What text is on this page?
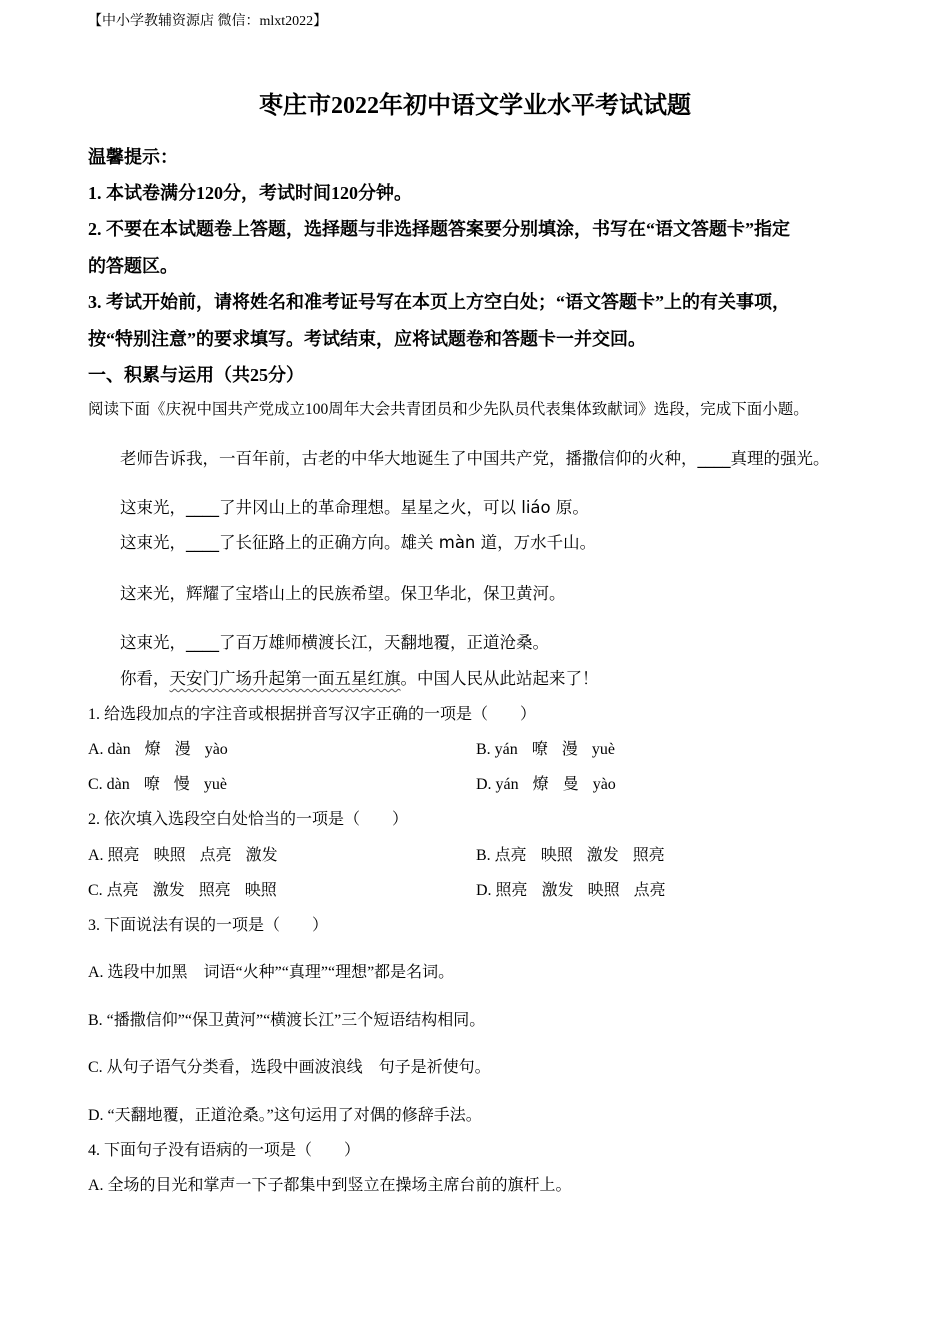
【中小学教辅资源店 微信：mlxt2022】
枣庄市2022年初中语文学业水平考试试题
温馨提示：
1. 本试卷满分120分，考试时间120分钟。
2. 不要在本试题卷上答题，选择题与非选择题答案要分别填涂，书写在“语文答题卡”指定
的答题区。
3. 考试开始前，请将姓名和准考证号写在本页上方空白处；“语文答题卡”上的有关事项，
按“特别注意”的要求填写。考试结束，应将试题卷和答题卡一并交回。
一、积累与运用（共25分）
阅读下面《庆祝中国共产党成立100周年大会共青团员和少先队员代表集体致献词》选段，完成下面小题。
老师告诉我，一百年前，古老的中华大地诞生了中国共产党，播撒信仰的火种，____真理的强光。
这束光，____了井冈山上的革命理想。星星之火，可以 liáo 原。
这束光，____了长征路上的正确方向。雄关 màn 道，万水千山。
这来光，辉耀了宝塔山上的民族希望。保卫华北，保卫黄河。
这束光，____了百万雄师横渡长江，天翻地覆，正道沧桑。
你看，天安门广场升起第一面五星红旗。中国人民从此站起来了！
1. 给选段加点的字注音或根据拼音写汉字正确的一项是（　　）
A. dàn 燎 漫 yào	B. yán 嘹 漫 yuè
C. dàn 嘹 慢 yuè	D. yán 燎 曼 yào
2. 依次填入选段空白处恰当的一项是（　　）
A. 照亮 映照 点亮 激发	B. 点亮 映照 激发 照亮
C. 点亮 激发 照亮 映照	D. 照亮 激发 映照 点亮
3. 下面说法有误的一项是（　　）
A. 选段中加黑　词语“火种”“真理”“理想”都是名词。
B. “播撒信仰”“保卫黄河”“横渡长江”三个短语结构相同。
C. 从句子语气分类看，选段中画波浪线　句子是祈使句。
D. “天翻地覆，正道沧桑。”这句运用了对偶的修辞手法。
4. 下面句子没有语病的一项是（　　）
A. 全场的目光和掌声一下子都集中到竖立在操场主席台前的旗杆上。
